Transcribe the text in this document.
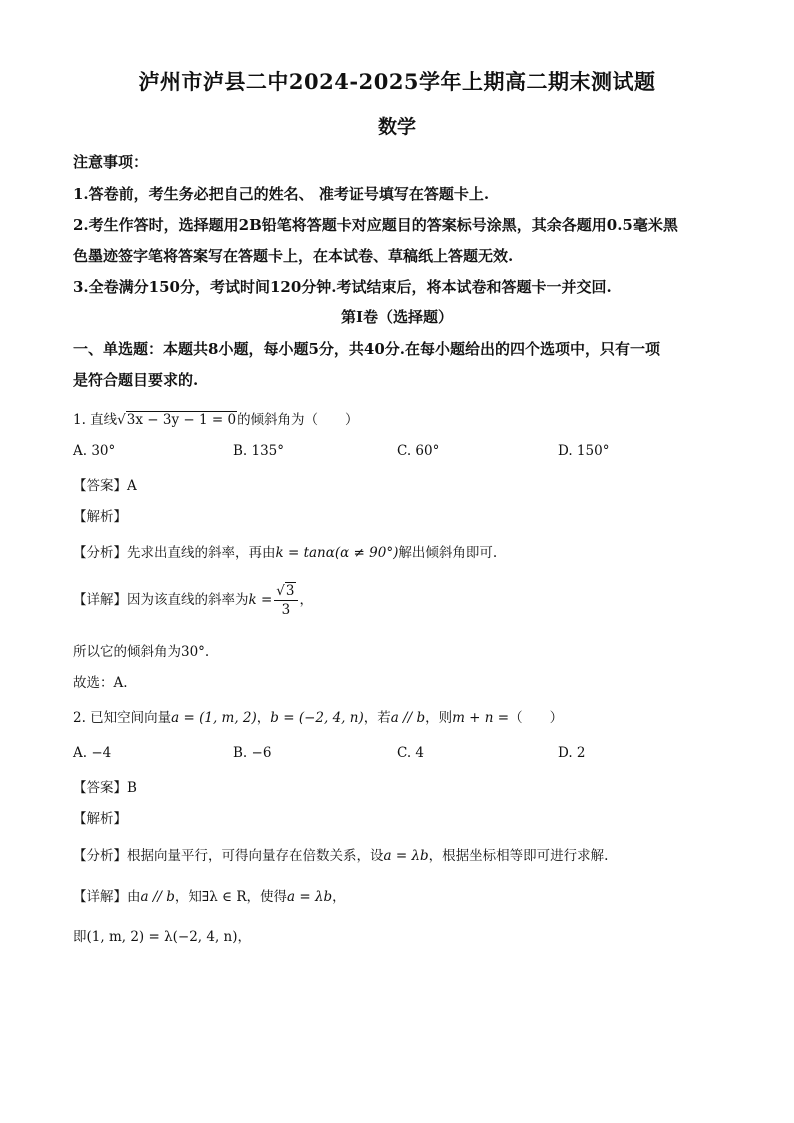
泸州市泸县二中2024-2025学年上期高二期末测试题
数学
注意事项：
1.答卷前，考生务必把自己的姓名、 准考证号填写在答题卡上.
2.考生作答时，选择题用2B铅笔将答题卡对应题目的答案标号涂黑，其余各题用0.5毫米黑
色墨迹签字笔将答案写在答题卡上，在本试卷、草稿纸上答题无效.
3.全卷满分150分，考试时间120分钟.考试结束后，将本试卷和答题卡一并交回.
第I卷（选择题）
一、单选题：本题共8小题，每小题5分，共40分.在每小题给出的四个选项中，只有一项
是符合题目要求的.
1. 直线√3x − 3y − 1 = 0的倾斜角为（　　）
A. 30°	B. 135°	C. 60°	D. 150°
【答案】A
【解析】
【分析】先求出直线的斜率，再由k = tanα(α ≠ 90°)解出倾斜角即可.
【详解】因为该直线的斜率为$k = \frac{√3}{3}$ ，
所以它的倾斜角为30°.
故选：A.
2. 已知空间向量a = (1, m, 2)，b = (−2, 4, n)，若a // b，则m + n =（　　）
A. −4	B. −6	C. 4	D. 2
【答案】B
【解析】
【分析】根据向量平行，可得向量存在倍数关系，设a = λb，根据坐标相等即可进行求解.
【详解】由a // b，知∃λ ∈ R，使得a = λb，
即(1, m, 2) = λ(−2, 4, n)，
